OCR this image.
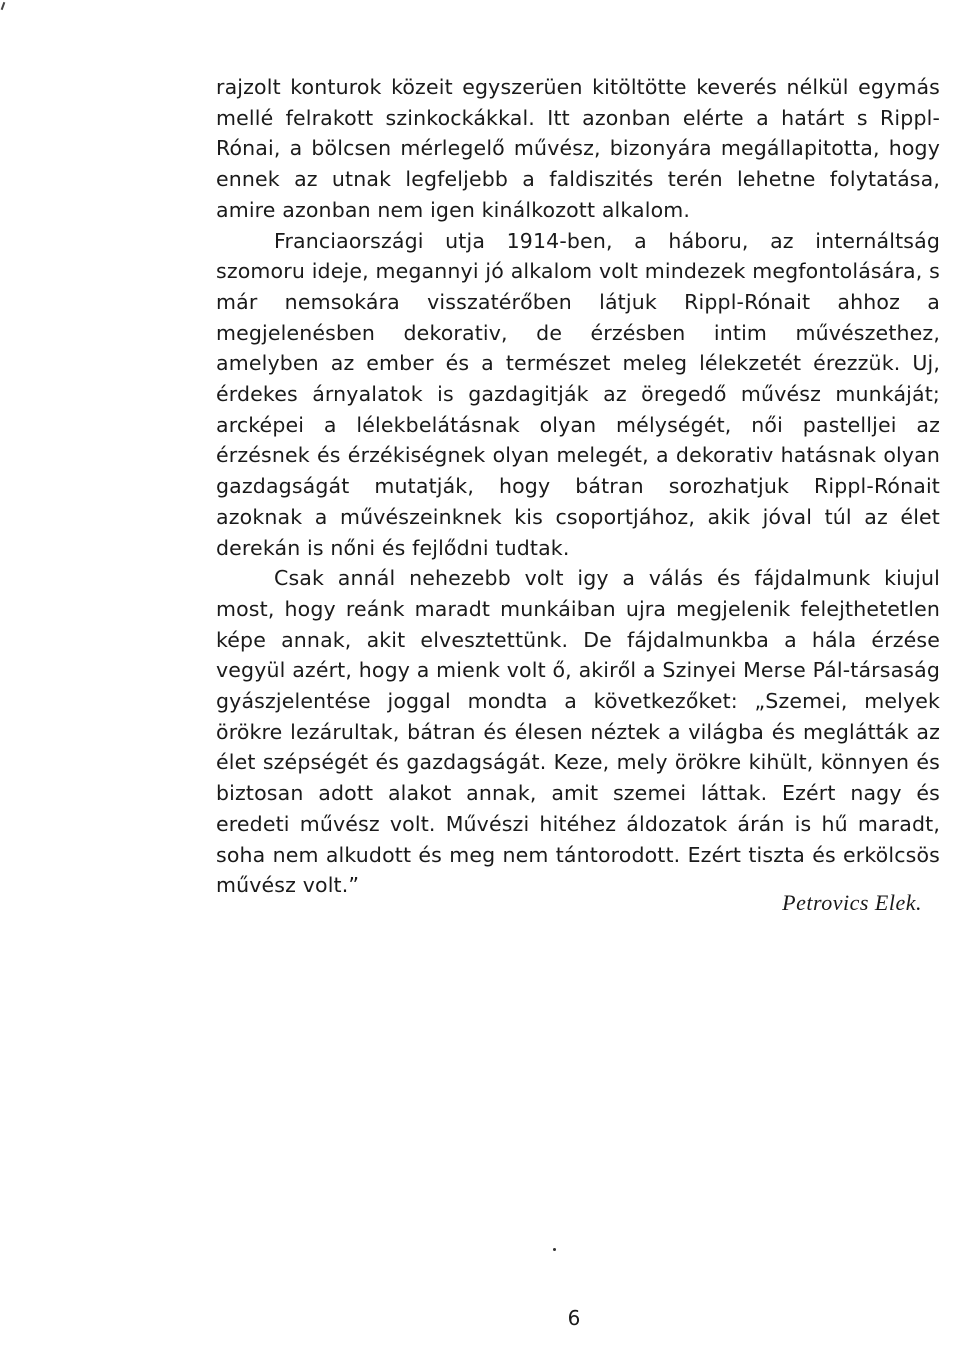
rajzolt konturok közeit egyszerüen kitöltötte keverés nélkül egymás mellé felrakott szinkockákkal. Itt azonban elérte a határt s Rippl-Rónai, a bölcsen mérlegelő művész, bizonyára megállapitotta, hogy ennek az utnak legfeljebb a faldiszités terén lehetne folytatása, amire azonban nem igen kinálkozott alkalom.

Franciaországi utja 1914-ben, a háboru, az internáltság szomoru ideje, megannyi jó alkalom volt mindezek megfontolására, s már nemsokára visszatérőben látjuk Rippl-Rónait ahhoz a megjelenésben dekorativ, de érzésben intim művészethez, amelyben az ember és a természet meleg lélekzetét érezzük. Uj, érdekes árnyalatok is gazdagitják az öregedő művész munkáját; arcképei a lélekbelátásnak olyan mélységét, női pastelljei az érzésnek és érzékiségnek olyan melegét, a dekorativ hatásnak olyan gazdagságát mutatják, hogy bátran sorozhatjuk Rippl-Rónait azoknak a művészeinknek kis csoportjához, akik jóval túl az élet derekán is nőni és fejlődni tudtak.

Csak annál nehezebb volt igy a válás és fájdalmunk kiujul most, hogy reánk maradt munkáiban ujra megjelenik felejthetetlen képe annak, akit elvesztettünk. De fájdalmunkba a hála érzése vegyül azért, hogy a mienk volt ő, akiről a Szinyei Merse Pál-társaság gyászjelentése joggal mondta a következőket: „Szemei, melyek örökre lezárultak, bátran és élesen néztek a világba és meglátták az élet szépségét és gazdagságát. Keze, mely örökre kihült, könnyen és biztosan adott alakot annak, amit szemei láttak. Ezért nagy és eredeti művész volt. Művészi hitéhez áldozatok árán is hű maradt, soha nem alkudott és meg nem tántorodott. Ezért tiszta és erkölcsös művész volt.”

Petrovics Elek.
6
